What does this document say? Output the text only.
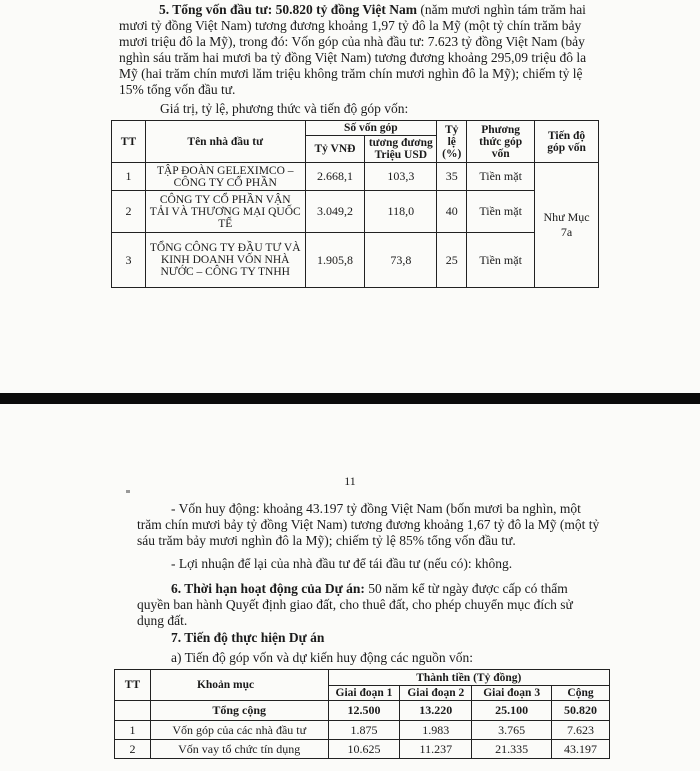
5. Tổng vốn đầu tư: 50.820 tỷ đồng Việt Nam (năm mươi nghìn tám trăm hai mươi tỷ đồng Việt Nam) tương đương khoảng 1,97 tỷ đô la Mỹ (một tỷ chín trăm bảy mươi triệu đô la Mỹ), trong đó: Vốn góp của nhà đầu tư: 7.623 tỷ đồng Việt Nam (bảy nghìn sáu trăm hai mươi ba tỷ đồng Việt Nam) tương đương khoảng 295,09 triệu đô la Mỹ (hai trăm chín mươi lăm triệu không trăm chín mươi nghìn đô la Mỹ); chiếm tỷ lệ 15% tổng vốn đầu tư.

Giá trị, tỷ lệ, phương thức và tiến độ góp vốn:

TT	Tên nhà đầu tư	Số vốn góp		Tỷ lệ (%)	Phương thức góp vốn	Tiến độ góp vốn
		Tỷ VNĐ	tương đương Triệu USD			
1	TẬP ĐOÀN GELEXIMCO – CÔNG TY CỔ PHẦN	2.668,1	103,3	35	Tiền mặt	Như Mục 7a
2	CÔNG TY CỔ PHẦN VẬN TẢI VÀ THƯƠNG MẠI QUỐC TẾ	3.049,2	118,0	40	Tiền mặt	
3	TỔNG CÔNG TY ĐẦU TƯ VÀ KINH DOANH VỐN NHÀ NƯỚC – CÔNG TY TNHH	1.905,8	73,8	25	Tiền mặt	
11

- Vốn huy động: khoảng 43.197 tỷ đồng Việt Nam (bốn mươi ba nghìn, một trăm chín mươi bảy tỷ đồng Việt Nam) tương đương khoảng 1,67 tỷ đô la Mỹ (một tỷ sáu trăm bảy mươi nghìn đô la Mỹ); chiếm tỷ lệ 85% tổng vốn đầu tư.

- Lợi nhuận để lại của nhà đầu tư để tái đầu tư (nếu có): không.

6. Thời hạn hoạt động của Dự án: 50 năm kể từ ngày được cấp có thẩm quyền ban hành Quyết định giao đất, cho thuê đất, cho phép chuyển mục đích sử dụng đất.

7. Tiến độ thực hiện Dự án

a) Tiến độ góp vốn và dự kiến huy động các nguồn vốn:

TT	Khoản mục	Thành tiền (Tỷ đồng)			
		Giai đoạn 1	Giai đoạn 2	Giai đoạn 3	Cộng
	Tổng cộng	12.500	13.220	25.100	50.820
1	Vốn góp của các nhà đầu tư	1.875	1.983	3.765	7.623
2	Vốn vay tổ chức tín dụng	10.625	11.237	21.335	43.197
